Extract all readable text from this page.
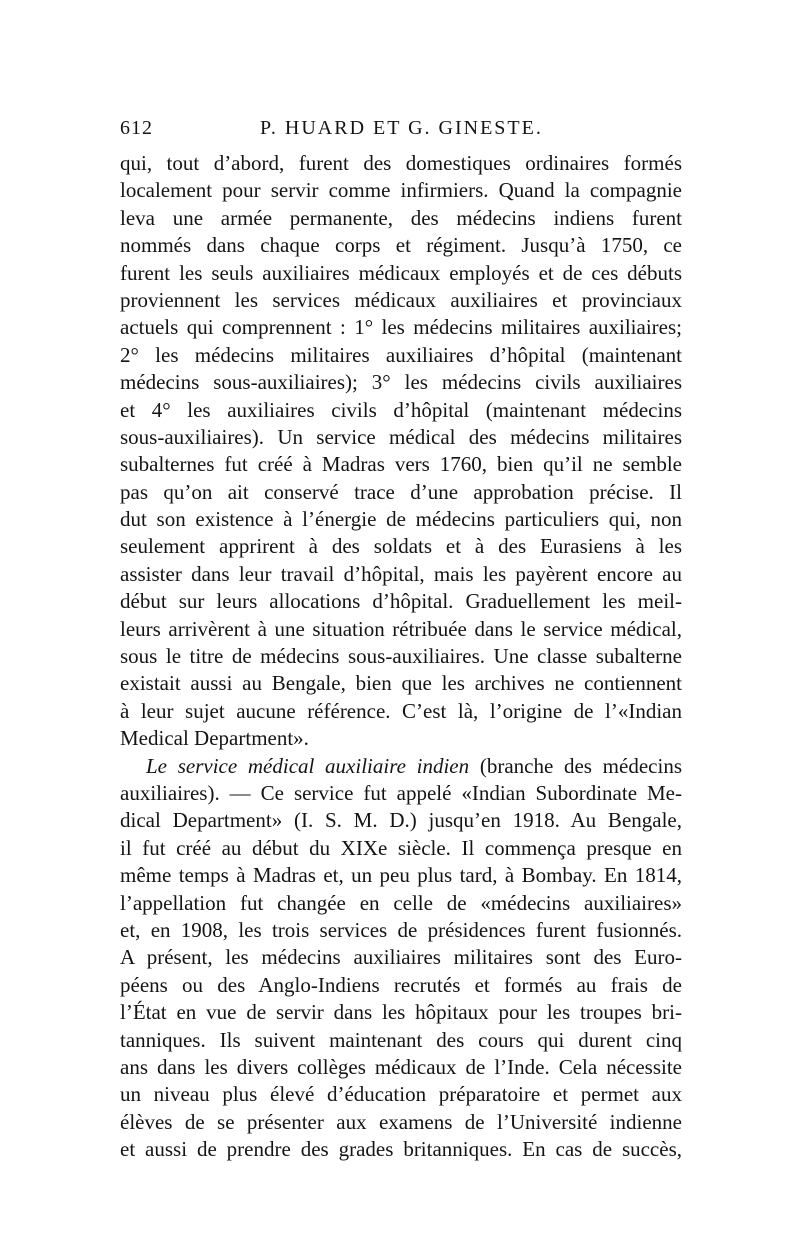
612	P. HUARD ET G. GINESTE.
qui, tout d’abord, furent des domestiques ordinaires formés
localement pour servir comme infirmiers. Quand la compagnie
leva une armée permanente, des médecins indiens furent
nommés dans chaque corps et régiment. Jusqu’à 1750, ce
furent les seuls auxiliaires médicaux employés et de ces débuts
proviennent les services médicaux auxiliaires et provinciaux
actuels qui comprennent : 1° les médecins militaires auxiliaires;
2° les médecins militaires auxiliaires d’hôpital (maintenant
médecins sous-auxiliaires); 3° les médecins civils auxiliaires
et 4° les auxiliaires civils d’hôpital (maintenant médecins
sous-auxiliaires). Un service médical des médecins militaires
subalternes fut créé à Madras vers 1760, bien qu’il ne semble
pas qu’on ait conservé trace d’une approbation précise. Il
dut son existence à l’énergie de médecins particuliers qui, non
seulement apprirent à des soldats et à des Eurasiens à les
assister dans leur travail d’hôpital, mais les payèrent encore au
début sur leurs allocations d’hôpital. Graduellement les meil-
leurs arrivèrent à une situation rétribuée dans le service médical,
sous le titre de médecins sous-auxiliaires. Une classe subalterne
existait aussi au Bengale, bien que les archives ne contiennent
à leur sujet aucune référence. C’est là, l’origine de l’«Indian
Medical Department».
Le service médical auxiliaire indien (branche des médecins
auxiliaires). — Ce service fut appelé «Indian Subordinate Me-
dical Department» (I. S. M. D.) jusqu’en 1918. Au Bengale,
il fut créé au début du XIXe siècle. Il commença presque en
même temps à Madras et, un peu plus tard, à Bombay. En 1814,
l’appellation fut changée en celle de «médecins auxiliaires»
et, en 1908, les trois services de présidences furent fusionnés.
A présent, les médecins auxiliaires militaires sont des Euro-
péens ou des Anglo-Indiens recrutés et formés au frais de
l’État en vue de servir dans les hôpitaux pour les troupes bri-
tanniques. Ils suivent maintenant des cours qui durent cinq
ans dans les divers collèges médicaux de l’Inde. Cela nécessite
un niveau plus élevé d’éducation préparatoire et permet aux
élèves de se présenter aux examens de l’Université indienne
et aussi de prendre des grades britanniques. En cas de succès,
